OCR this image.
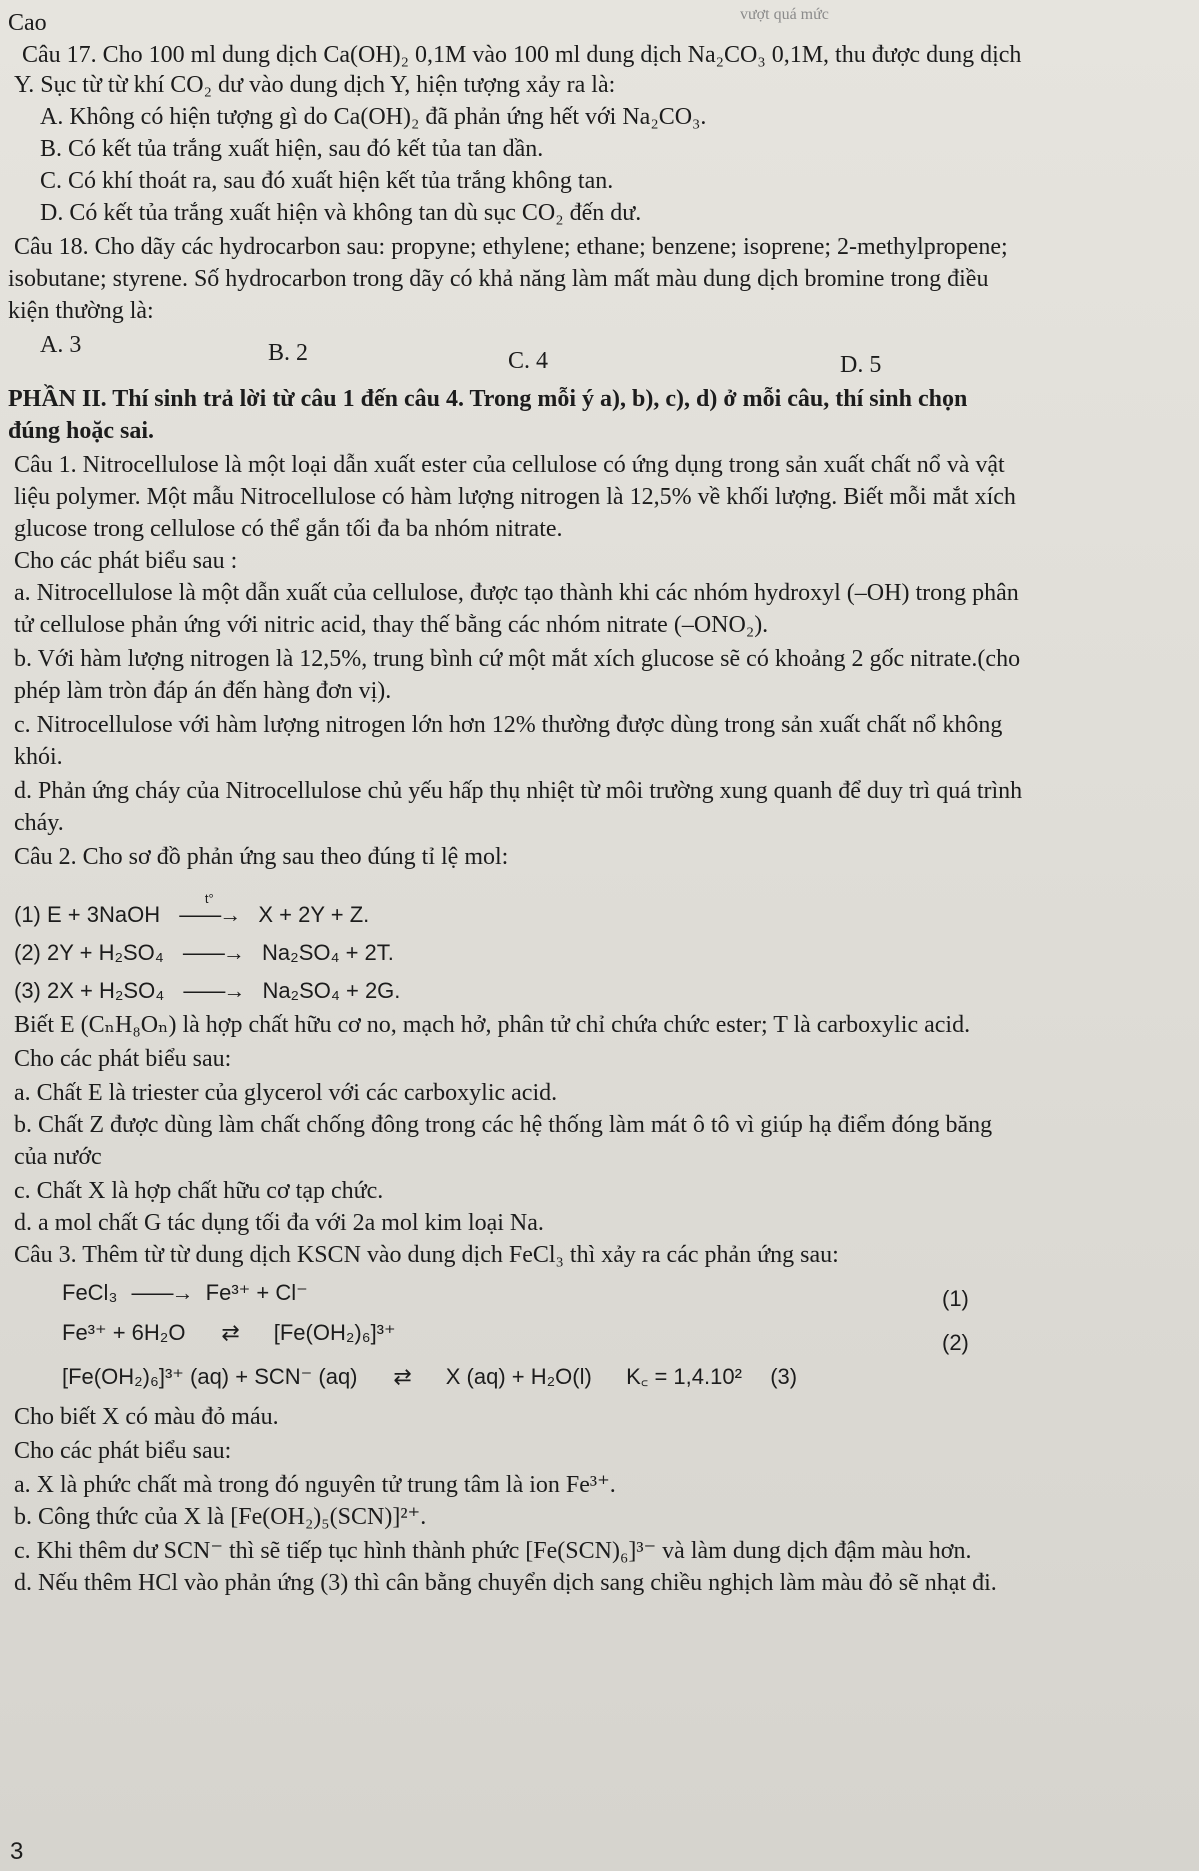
vượt quá mức
Cao
Câu 17. Cho 100 ml dung dịch Ca(OH)₂ 0,1M vào 100 ml dung dịch Na₂CO₃ 0,1M, thu được dung dịch
Y. Sục từ từ khí CO₂ dư vào dung dịch Y, hiện tượng xảy ra là:
A. Không có hiện tượng gì do Ca(OH)₂ đã phản ứng hết với Na₂CO₃.
B. Có kết tủa trắng xuất hiện, sau đó kết tủa tan dần.
C. Có khí thoát ra, sau đó xuất hiện kết tủa trắng không tan.
D. Có kết tủa trắng xuất hiện và không tan dù sục CO₂ đến dư.
Câu 18. Cho dãy các hydrocarbon sau: propyne; ethylene; ethane; benzene; isoprene; 2-methylpropene;
isobutane; styrene. Số hydrocarbon trong dãy có khả năng làm mất màu dung dịch bromine trong điều
kiện thường là:
A. 3	B. 2	C. 4	D. 5
PHẦN II. Thí sinh trả lời từ câu 1 đến câu 4. Trong mỗi ý a), b), c), d) ở mỗi câu, thí sinh chọn
đúng hoặc sai.
Câu 1. Nitrocellulose là một loại dẫn xuất ester của cellulose có ứng dụng trong sản xuất chất nổ và vật
liệu polymer. Một mẫu Nitrocellulose có hàm lượng nitrogen là 12,5% về khối lượng. Biết mỗi mắt xích
glucose trong cellulose có thể gắn tối đa ba nhóm nitrate.
Cho các phát biểu sau :
a. Nitrocellulose là một dẫn xuất của cellulose, được tạo thành khi các nhóm hydroxyl (–OH) trong phân
tử cellulose phản ứng với nitric acid, thay thế bằng các nhóm nitrate (–ONO₂).
b. Với hàm lượng nitrogen là 12,5%, trung bình cứ một mắt xích glucose sẽ có khoảng 2 gốc nitrate.(cho
phép làm tròn đáp án đến hàng đơn vị).
c. Nitrocellulose với hàm lượng nitrogen lớn hơn 12% thường được dùng trong sản xuất chất nổ không
khói.
d. Phản ứng cháy của Nitrocellulose chủ yếu hấp thụ nhiệt từ môi trường xung quanh để duy trì quá trình
cháy.
Câu 2. Cho sơ đồ phản ứng sau theo đúng tỉ lệ mol:
(1) E + 3NaOH
t°
——→ X + 2Y + Z.
(2) 2Y + H₂SO₄ ——→ Na₂SO₄ + 2T.
(3) 2X + H₂SO₄ ——→ Na₂SO₄ + 2G.
Biết E (CₙH₈Oₙ) là hợp chất hữu cơ no, mạch hở, phân tử chỉ chứa chức ester; T là carboxylic acid.
Cho các phát biểu sau:
a. Chất E là triester của glycerol với các carboxylic acid.
b. Chất Z được dùng làm chất chống đông trong các hệ thống làm mát ô tô vì giúp hạ điểm đóng băng
của nước
c. Chất X là hợp chất hữu cơ tạp chức.
d. a mol chất G tác dụng tối đa với 2a mol kim loại Na.
Câu 3. Thêm từ từ dung dịch KSCN vào dung dịch FeCl₃ thì xảy ra các phản ứng sau:
FeCl₃ ——→ Fe³⁺ + Cl⁻	(1)
Fe³⁺ + 6H₂O ⇄ [Fe(OH₂)₆]³⁺	(2)
[Fe(OH₂)₆]³⁺ (aq) + SCN⁻ (aq) ⇄ X (aq) + H₂O(l) K꜀ = 1,4.10² (3)
Cho biết X có màu đỏ máu.
Cho các phát biểu sau:
a. X là phức chất mà trong đó nguyên tử trung tâm là ion Fe³⁺.
b. Công thức của X là [Fe(OH₂)₅(SCN)]²⁺.
c. Khi thêm dư SCN⁻ thì sẽ tiếp tục hình thành phức [Fe(SCN)₆]³⁻ và làm dung dịch đậm màu hơn.
d. Nếu thêm HCl vào phản ứng (3) thì cân bằng chuyển dịch sang chiều nghịch làm màu đỏ sẽ nhạt đi.
3
